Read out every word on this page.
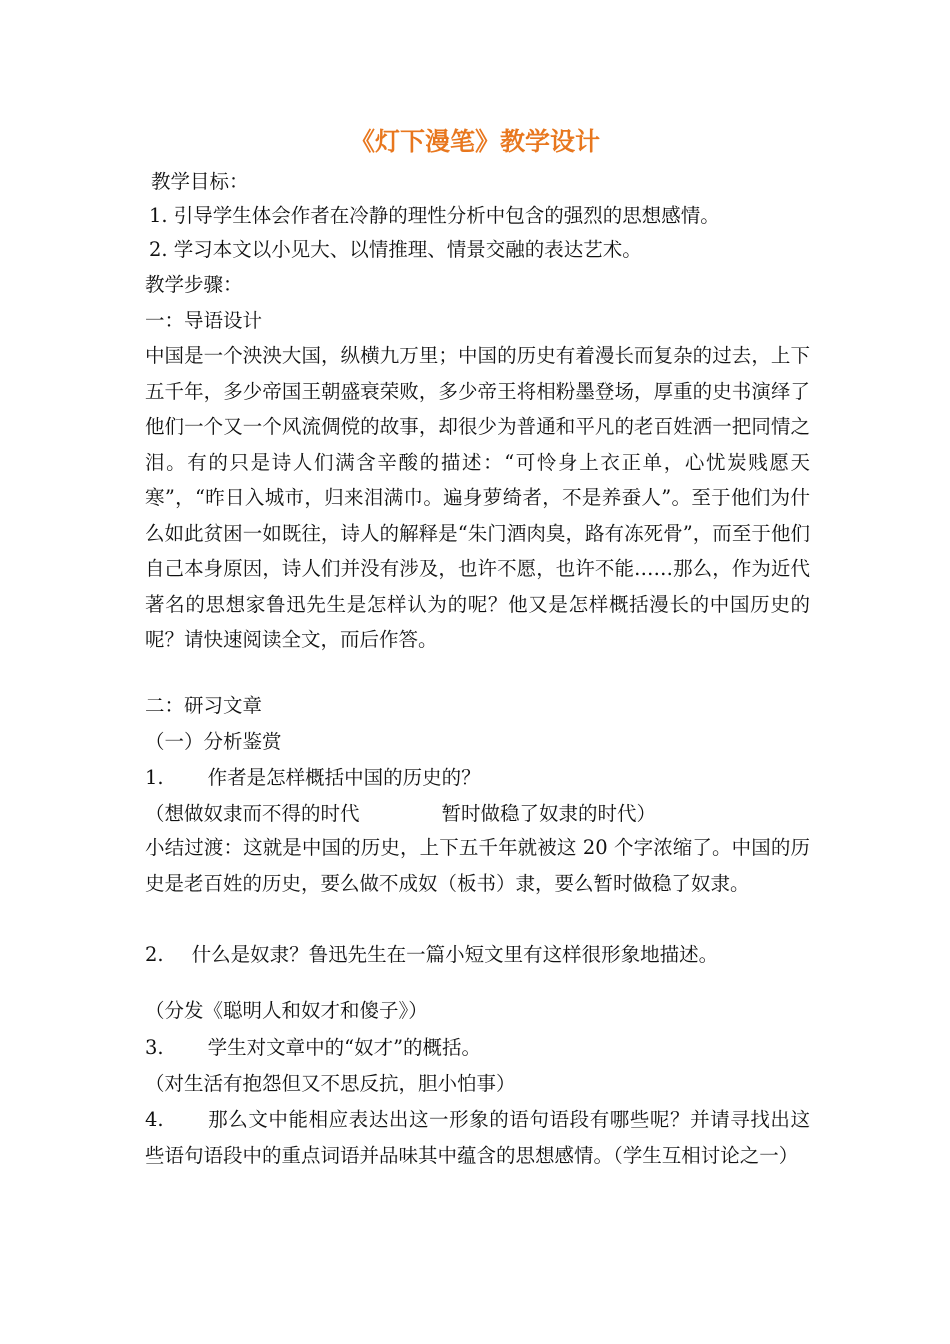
《灯下漫笔》教学设计
教学目标：
1. 引导学生体会作者在冷静的理性分析中包含的强烈的思想感情。
2. 学习本文以小见大、以情推理、情景交融的表达艺术。
教学步骤：
一：导语设计
中国是一个泱泱大国，纵横九万里；中国的历史有着漫长而复杂的过去，上下五千年，多少帝国王朝盛衰荣败，多少帝王将相粉墨登场，厚重的史书演绎了他们一个又一个风流倜傥的故事，却很少为普通和平凡的老百姓洒一把同情之泪。有的只是诗人们满含辛酸的描述：“可怜身上衣正单，心忧炭贱愿天寒”，“昨日入城市，归来泪满巾。遍身萝绮者，不是养蚕人”。至于他们为什么如此贫困一如既往，诗人的解释是“朱门酒肉臭，路有冻死骨”，而至于他们自己本身原因，诗人们并没有涉及，也许不愿，也许不能……那么，作为近代著名的思想家鲁迅先生是怎样认为的呢？他又是怎样概括漫长的中国历史的呢？请快速阅读全文，而后作答。
二：研习文章
（一）分析鉴赏
1. 作者是怎样概括中国的历史的？
（想做奴隶而不得的时代	暂时做稳了奴隶的时代）
小结过渡：这就是中国的历史，上下五千年就被这 20 个字浓缩了。中国的历史是老百姓的历史，要么做不成奴（板书）隶，要么暂时做稳了奴隶。
2. 什么是奴隶？鲁迅先生在一篇小短文里有这样很形象地描述。
（分发《聪明人和奴才和傻子》）
3. 学生对文章中的“奴才”的概括。
（对生活有抱怨但又不思反抗，胆小怕事）
4. 那么文中能相应表达出这一形象的语句语段有哪些呢？并请寻找出这些语句语段中的重点词语并品味其中蕴含的思想感情。（学生互相讨论之一）
